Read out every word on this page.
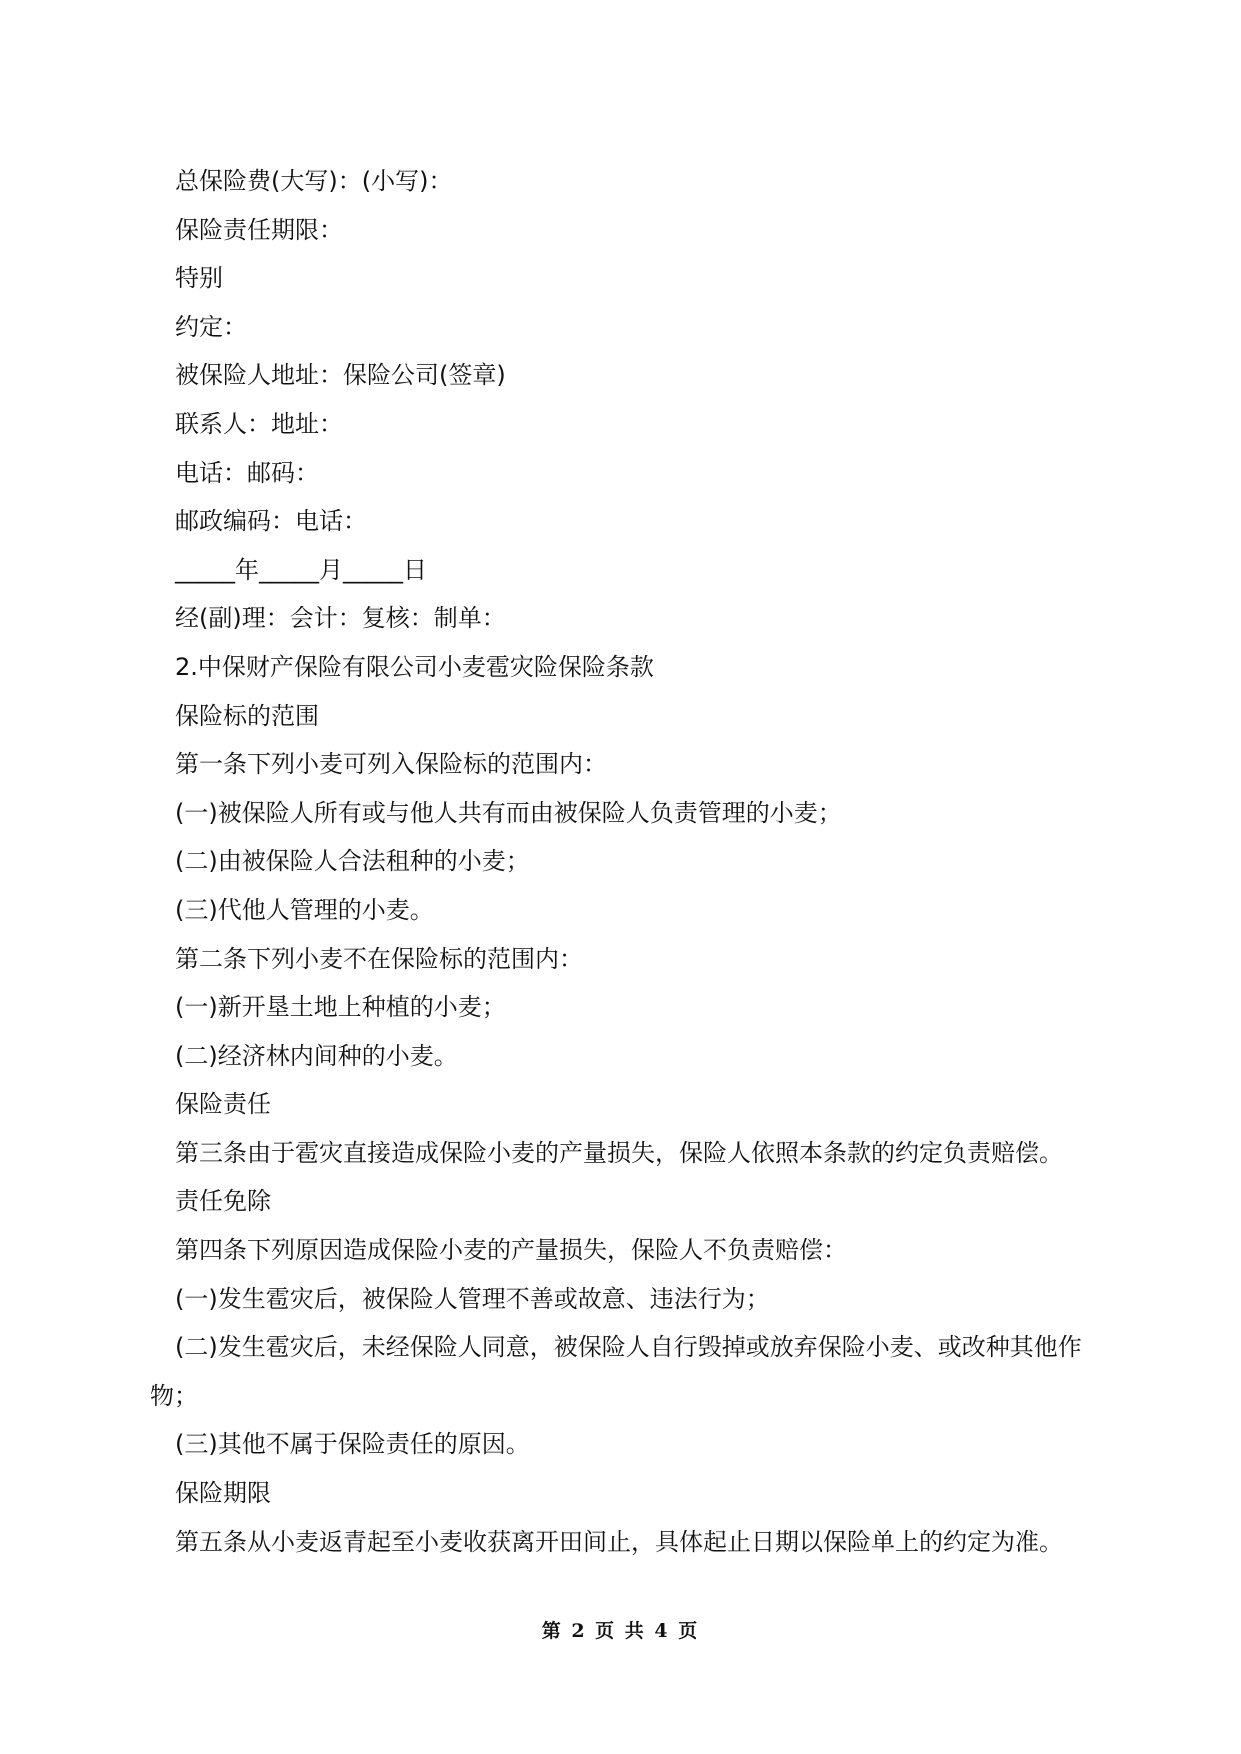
总保险费(大写)：(小写)：
保险责任期限：
特别
约定：
被保险人地址：保险公司(签章)
联系人：地址：
电话：邮码：
邮政编码：电话：
_____年_____月_____日
经(副)理：会计：复核：制单：
2.中保财产保险有限公司小麦雹灾险保险条款
保险标的范围
第一条下列小麦可列入保险标的范围内：
(一)被保险人所有或与他人共有而由被保险人负责管理的小麦；
(二)由被保险人合法租种的小麦；
(三)代他人管理的小麦。
第二条下列小麦不在保险标的范围内：
(一)新开垦土地上种植的小麦；
(二)经济林内间种的小麦。
保险责任
第三条由于雹灾直接造成保险小麦的产量损失，保险人依照本条款的约定负责赔偿。
责任免除
第四条下列原因造成保险小麦的产量损失，保险人不负责赔偿：
(一)发生雹灾后，被保险人管理不善或故意、违法行为；
(二)发生雹灾后，未经保险人同意，被保险人自行毁掉或放弃保险小麦、或改种其他作物；
(三)其他不属于保险责任的原因。
保险期限
第五条从小麦返青起至小麦收获离开田间止，具体起止日期以保险单上的约定为准。
第 2 页 共 4 页
